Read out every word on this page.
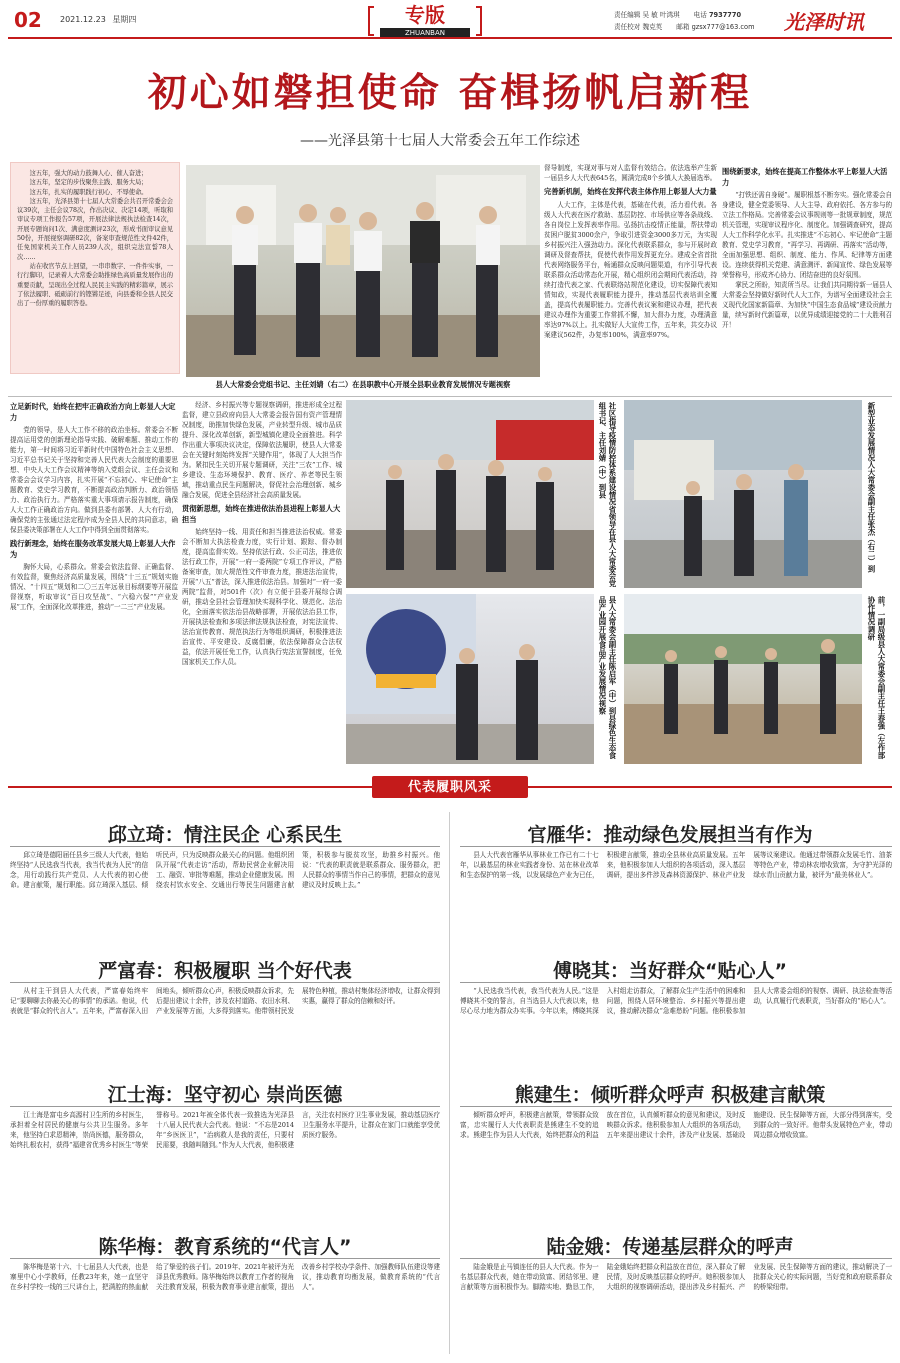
02 2021.12.23 星期四	专版
ZHUANBAN
责任编辑 吴 敏 叶鸿琪 电话 7937770
责任校对 魏克英 邮箱 gzsx777@163.com 光泽时讯
初心如磐担使命 奋楫扬帆启新程
——光泽县第十七届人大常委会五年工作综述

这五年，强大的动力鼓舞人心、催人奋进；

这五年，坚定的步伐聚焦主践、服务大局；

这五年，扎实的履职践行初心、不辱使命。

这五年，光泽县第十七届人大常委会共召开常委会会议39次，主任会议78次，作出决议、决定14项，听取和审议专项工作报告57项，开展法律法规执法检查14次，开展专题询问1次、满意度测评23次，形成书面审议意见50份，开展视察调研82次，备案审查规范性文件42件，任免国家机关工作人员239人次，组织完法宣誓78人次……

站在收官节点上回望，一串串数字、一件件实事，一行行脚印，记录着人大常委会助推绿色高质量发展作出的重要贡献，呈现出全过程人民民主实践的精彩篇章，展示了依法履职、砥砺前行的铿锵足迹，向县委和全县人民交出了一份厚重的履职答卷。

县人大常委会党组书记、主任刘婧（右二）在县职教中心开展全县职业教育发展情况专题视察
督导制度，实现对事与对人监督有效结合。依法选举产生新一届县乡人大代表645名，圆满完成8个乡镇人大换届选举。
完善新机制，始终在发挥代表主体作用上彰显人大力量

人大工作，主体是代表，基础在代表，活力看代表。各级人大代表在医疗救助、基层防控、市场供应等各条战线、各自岗位上发挥表率作用。弘扬抗击疫情正能量，帮扶带动贫困户脱贫3000余户，争取引进资金3000多万元，为实现乡村振兴注入强劲动力。深化代表联系群众，参与开展时政调研及督查帮扶，促使代表作用发挥更充分。建成全省首批代表网络服务平台，畅通群众反映问题渠道，有序引导代表联系群众活动常态化开展，精心组织闭会期间代表活动，持续打造代表之家、代表联络站规范化建设，切实保障代表知情知政，实现代表履职能力提升，推动基层代表培训全覆盖，提高代表履职能力。完善代表议案和建议办理，把代表建议办理作为重要工作常抓不懈，加大督办力度，办理满意率达97%以上。扎实做好人大宣传工作，五年来，共交办议案建议562件，办复率100%，满意率97%。

围绕新要求，始终在提高工作整体水平上彰显人大活力

“打铁还需自身硬”。履职根基不断夯实。强化常委会自身建设，健全党委领导、人大主导、政府依托、各方参与的立法工作格局。完善常委会议事规则等一批规章制度，规范机关管理，实现审议程序化、制度化。加强调查研究，提高人大工作科学化水平。扎实推进“不忘初心、牢记使命”主题教育、党史学习教育，“再学习、再调研、再落实”活动等，全面加强思想、组织、制度、能力、作风、纪律等方面建设。连续获得机关党建、满意测评、新闻宣传、绿色发展等荣誉称号，形成齐心协力、团结奋进的良好氛围。

掌民之所盼，知责所当尽。让我们共同期待新一届县人大常委会坚持做好新时代人大工作，为谱写全面建设社会主义现代化国家新篇章、为加快“中国生态食品城”建设贡献力量，续写新时代新篇章，以优异成绩迎接党的二十大胜利召开！

立足新时代，始终在把牢正确政治方向上彰显人大定力

党的领导，是人大工作不移的政治坐标。常委会不断提高运用党的创新理论指导实践、破解难题、推动工作的能力，第一时间将习近平新时代中国特色社会主义思想、习近平总书记关于坚持和完善人民代表大会制度的重要思想、中央人大工作会议精神等纳入党组会议、主任会议和常委会会议学习内容，扎实开展“不忘初心、牢记使命”主题教育、党史学习教育，不断提高政治判断力、政治领悟力、政治执行力。严格落实重大事项请示报告制度，确保人大工作正确政治方向。做到县委有部署、人大有行动，确保党的主张通过法定程序成为全县人民的共同意志，确保县委决策部署在人大工作中得到全面贯彻落实。

践行新理念，始终在服务改革发展大局上彰显人大作为

胸怀大局，心系群众。常委会依法监督、正确监督、有效监督，聚焦经济高质量发展，围绕“十三五”规划实施情况、“十四五”规划和二〇三五年远景目标纲要等开展监督视察，听取审议“百日攻坚战”、“六稳六保”“产业发展”工作，全面深化改革推进，推动“一二三”产业发展。

经济、乡村振兴等专题视察调研，推进形成全过程监督，建立县政府向县人大常委会报告国有资产管理情况制度，助推加快绿色发展，产业转型升级、城市品质提升、深化改革创新，新型城镇化建设全面推进。科学作出重大事项决议决定，保障依法履职，使县人大常委会在关键时刻始终发挥“关键作用”，体现了人大担当作为。紧扣民生关切开展专题调研，关注“三农”工作、城乡建设、生态环境保护、教育、医疗、养老等民生领域，推动重点民生问题解决，督促社会治理创新、城乡融合发展，促进全县经济社会高质量发展。

贯彻新思想，始终在推进依法治县进程上彰显人大担当

始终坚持一线、用责任和担当推进法治权威。常委会不断加大执法检查力度，实行计划、跟踪、督办制度，提高监督实效。坚持依法行政、公正司法，推进依法行政工作，开展“一府一委两院”专项工作评议，严格备案审查，加大规范性文件审查力度，推进法治宣传，开展“八五”普法，深入推进依法治县。加强对“一府一委两院”监督，对501件（次）有立便于县委开展综合调研，推动全县社会管理加快实现科学化、规范化、法治化，全面落实依法治县战略部署，开展依法治县工作，开展执法检查和多项法律法规执法检查，对宪法宣传、法治宣传教育、规范执法行为等组织调研，积极推进法治宣传、平安建设、反腐倡廉，依法保障群众合法权益，依法开展任免工作，认真执行宪法宣誓制度，任免国家机关工作人员。

社区指导疫情防控体系建设情况省领导在县人大常委会党组书记、主任刘婧（中）到县	新型业态发展情况人大常委会副主任张杰（右二）到
县人大常委会副主任陈启军（中）到县绿色生态食品产业园开展食品产业发展情况视察	前，一副局级县人大常委会副主任王春强（左作部协作情况调研
代表履职风采
邱立琦：情注民企 心系民生

邱立琦是德阳届任县乡三级人大代表，他始终坚持“人民选我当代表，我当代表为人民”的信念，用行动践行共产党员、人大代表的初心使命。建言献策，履行职能。邱立琦深入基层、倾听民声，只为反映群众最关心的问题。他组织团队开展“代表走访”活动，帮助民营企业解决用工、融资、审批等难题，推动企业健康发展。围绕农村饮水安全、交通出行等民生问题建言献策，积极参与脱贫攻坚，助推乡村振兴。他说：“代表的职责就是联系群众、服务群众，把人民群众的事情当作自己的事情，把群众的意见建议及时反映上去。”

官雁华：推动绿色发展担当有作为

县人大代表官雁华从事林业工作已有二十七年，以最基层的林业实践者身份、站在林业改革和生态保护的第一线，以发展绿色产业为已任，积极建言献策，推动全县林业高质量发展。五年来，他积极参加人大组织的各项活动，深入基层调研，提出多件涉及森林资源保护、林业产业发展等议案建议。他通过带领群众发展毛竹、油茶等特色产业，带动林农增收致富，为守护光泽的绿水青山贡献力量，被评为“最美林业人”。

严富春：积极履职 当个好代表

从村主干到县人大代表，严富春始终牢记“要聊聊去你最关心的事情”的承诺。他说，代表就是“群众的代言人”。五年来，严富春深入田间地头，倾听群众心声，积极反映群众诉求，先后提出建议十余件，涉及农村道路、农田水利、产业发展等方面，大多得到落实。他带领村民发展特色种植，推动村集体经济增收，让群众得到实惠，赢得了群众的信赖和好评。

傅晓其：当好群众“贴心人”

“人民选我当代表，我当代表为人民。”这是傅晓其不变的誓言，自当选县人大代表以来，他尽心尽力地为群众办实事。今年以来，傅晓其深入村组走访群众，了解群众生产生活中的困难和问题，围绕人居环境整治、乡村振兴等提出建议，推动解决群众“急难愁盼”问题。他积极参加县人大常委会组织的视察、调研、执法检查等活动，认真履行代表职责，当好群众的“贴心人”。

江士海：坚守初心 崇尚医德

江士海是富屯乡高源村卫生所的乡村医生，承担着全村居民的健康与公共卫生服务。多年来，他坚持白求恩精神，崇尚医德，服务群众，始终扎根农村，获得“福建省优秀乡村医生”等荣誉称号。2021年被全体代表一致推选为光泽县十八届人民代表大会代表。他说：“不忘是2014年“乡医医卫”，“治病救人是我的责任，只要村民需要，我随叫随到。”作为人大代表，他积极建言，关注农村医疗卫生事业发展，推动基层医疗卫生服务水平提升，让群众在家门口就能享受优质医疗服务。

熊建生：倾听群众呼声 积极建言献策

倾听群众呼声，积极建言献策，带领群众致富，忠实履行人大代表职责是熊建生不变的追求。熊建生作为县人大代表，始终把群众的利益放在首位，认真倾听群众的意见和建议，及时反映群众诉求。他积极参加人大组织的各项活动，五年来提出建议十余件，涉及产业发展、基础设施建设、民生保障等方面，大部分得到落实，受到群众的一致好评。他带头发展特色产业，带动周边群众增收致富。

陈华梅：教育系统的“代言人”

陈华梅是第十六、十七届县人大代表，也是寨里中心小学教师，任教23年来，她一直坚守在乡村学校一线的三尺讲台上，把满腔的热血献给了挚爱的孩子们。2019年、2021年被评为光泽县优秀教师。陈华梅始终以教育工作者的视角关注教育发展，积极为教育事业建言献策，提出改善乡村学校办学条件、加强教师队伍建设等建议，推动教育均衡发展，做教育系统的“代言人”。

陆金娥：传递基层群众的呼声

陆金娥是止马镇连任的县人大代表。作为一名基层群众代表，她在带动致富、团结邻里、建言献策等方面积极作为。脚踏实地、勤恳工作，陆金娥始终把群众利益放在首位，深入群众了解民情，及时反映基层群众的呼声。她积极参加人大组织的视察调研活动，提出涉及乡村振兴、产业发展、民生保障等方面的建议，推动解决了一批群众关心的实际问题，当好党和政府联系群众的桥梁纽带。
